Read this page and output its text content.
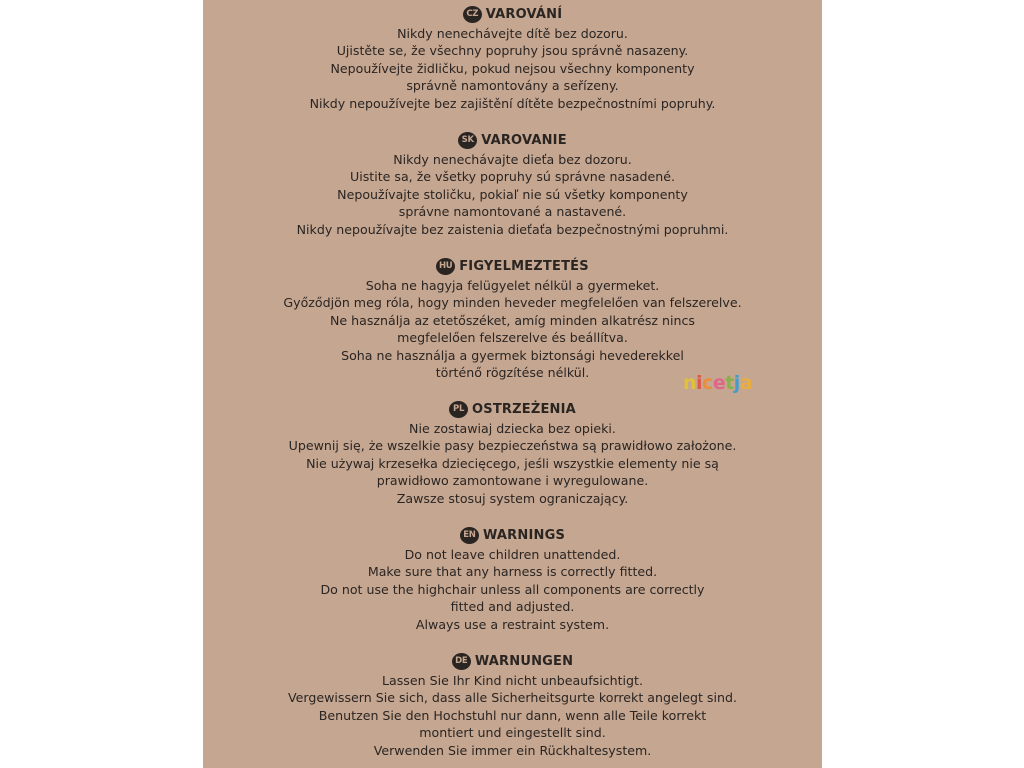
CZ VAROVÁNÍ
Nikdy nenechávejte dítě bez dozoru.
Ujistěte se, že všechny popruhy jsou správně nasazeny.
Nepoužívejte židličku, pokud nejsou všechny komponenty
správně namontovány a seřízeny.
Nikdy nepoužívejte bez zajištění dítěte bezpečnostními popruhy.
SK VAROVANIE
Nikdy nenechávajte dieťa bez dozoru.
Uistite sa, že všetky popruhy sú správne nasadené.
Nepoužívajte stoličku, pokiaľ nie sú všetky komponenty
správne namontované a nastavené.
Nikdy nepoužívajte bez zaistenia dieťaťa bezpečnostnými popruhmi.
HU FIGYELMEZTETÉS
Soha ne hagyja felügyelet nélkül a gyermeket.
Győződjön meg róla, hogy minden heveder megfelelően van felszerelve.
Ne használja az etetőszéket, amíg minden alkatrész nincs
megfelelően felszerelve és beállítva.
Soha ne használja a gyermek biztonsági hevederekkel
történő rögzítése nélkül.
PL OSTRZEŻENIA
Nie zostawiaj dziecka bez opieki.
Upewnij się, że wszelkie pasy bezpieczeństwa są prawidłowo założone.
Nie używaj krzesełka dziecięcego, jeśli wszystkie elementy nie są
prawidłowo zamontowane i wyregulowane.
Zawsze stosuj system ograniczający.
EN WARNINGS
Do not leave children unattended.
Make sure that any harness is correctly fitted.
Do not use the highchair unless all components are correctly
fitted and adjusted.
Always use a restraint system.
DE WARNUNGEN
Lassen Sie Ihr Kind nicht unbeaufsichtigt.
Vergewissern Sie sich, dass alle Sicherheitsgurte korrekt angelegt sind.
Benutzen Sie den Hochstuhl nur dann, wenn alle Teile korrekt
montiert und eingestellt sind.
Verwenden Sie immer ein Rückhaltesystem.
nicetja
